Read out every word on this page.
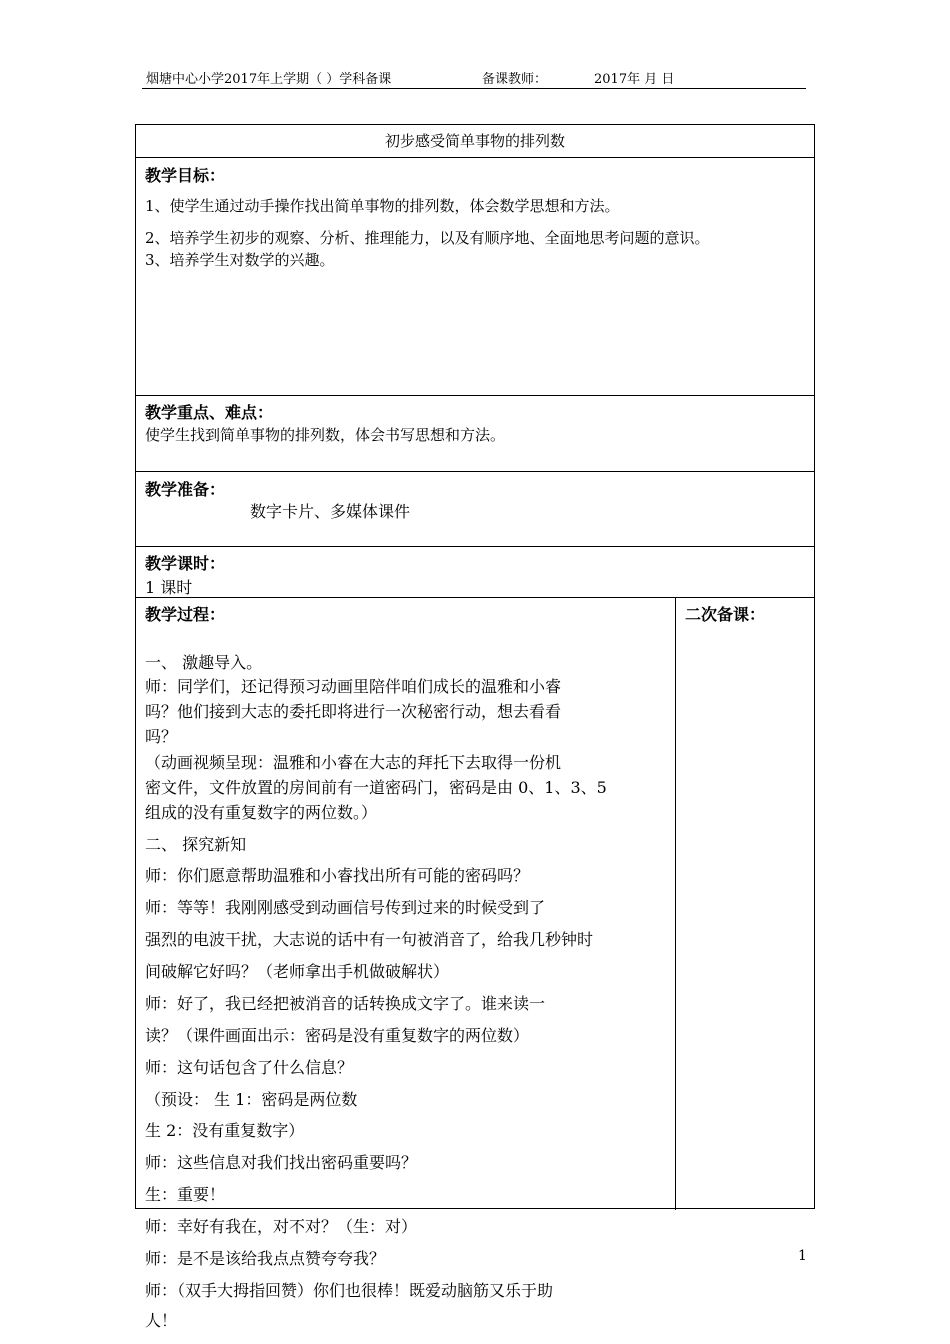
烟塘中心小学2017年上学期（ ）学科备课	备课教师：	2017年 月 日
初步感受简单事物的排列数
教学目标：
1、使学生通过动手操作找出简单事物的排列数，体会数学思想和方法。
2、培养学生初步的观察、分析、推理能力，以及有顺序地、全面地思考问题的意识。
3、培养学生对数学的兴趣。
教学重点、难点：
使学生找到简单事物的排列数，体会书写思想和方法。
教学准备：
数字卡片、多媒体课件
教学课时：
1 课时
教学过程：
一、 激趣导入。
师：同学们，还记得预习动画里陪伴咱们成长的温雅和小睿
吗？他们接到大志的委托即将进行一次秘密行动，想去看看
吗？
（动画视频呈现：温雅和小睿在大志的拜托下去取得一份机
密文件，文件放置的房间前有一道密码门，密码是由 0、1、3、5
组成的没有重复数字的两位数。）
二、 探究新知
师：你们愿意帮助温雅和小睿找出所有可能的密码吗？
师：等等！我刚刚感受到动画信号传到过来的时候受到了
强烈的电波干扰，大志说的话中有一句被消音了，给我几秒钟时
间破解它好吗？（老师拿出手机做破解状）
师：好了，我已经把被消音的话转换成文字了。谁来读一
读？（课件画面出示：密码是没有重复数字的两位数）
师：这句话包含了什么信息？
（预设： 生 1：密码是两位数
生 2：没有重复数字）
师：这些信息对我们找出密码重要吗？
生：重要！
师：幸好有我在，对不对？（生：对）
师：是不是该给我点点赞夸夸我？
师：（双手大拇指回赞）你们也很棒！既爱动脑筋又乐于助
人！
二次备课：
1
